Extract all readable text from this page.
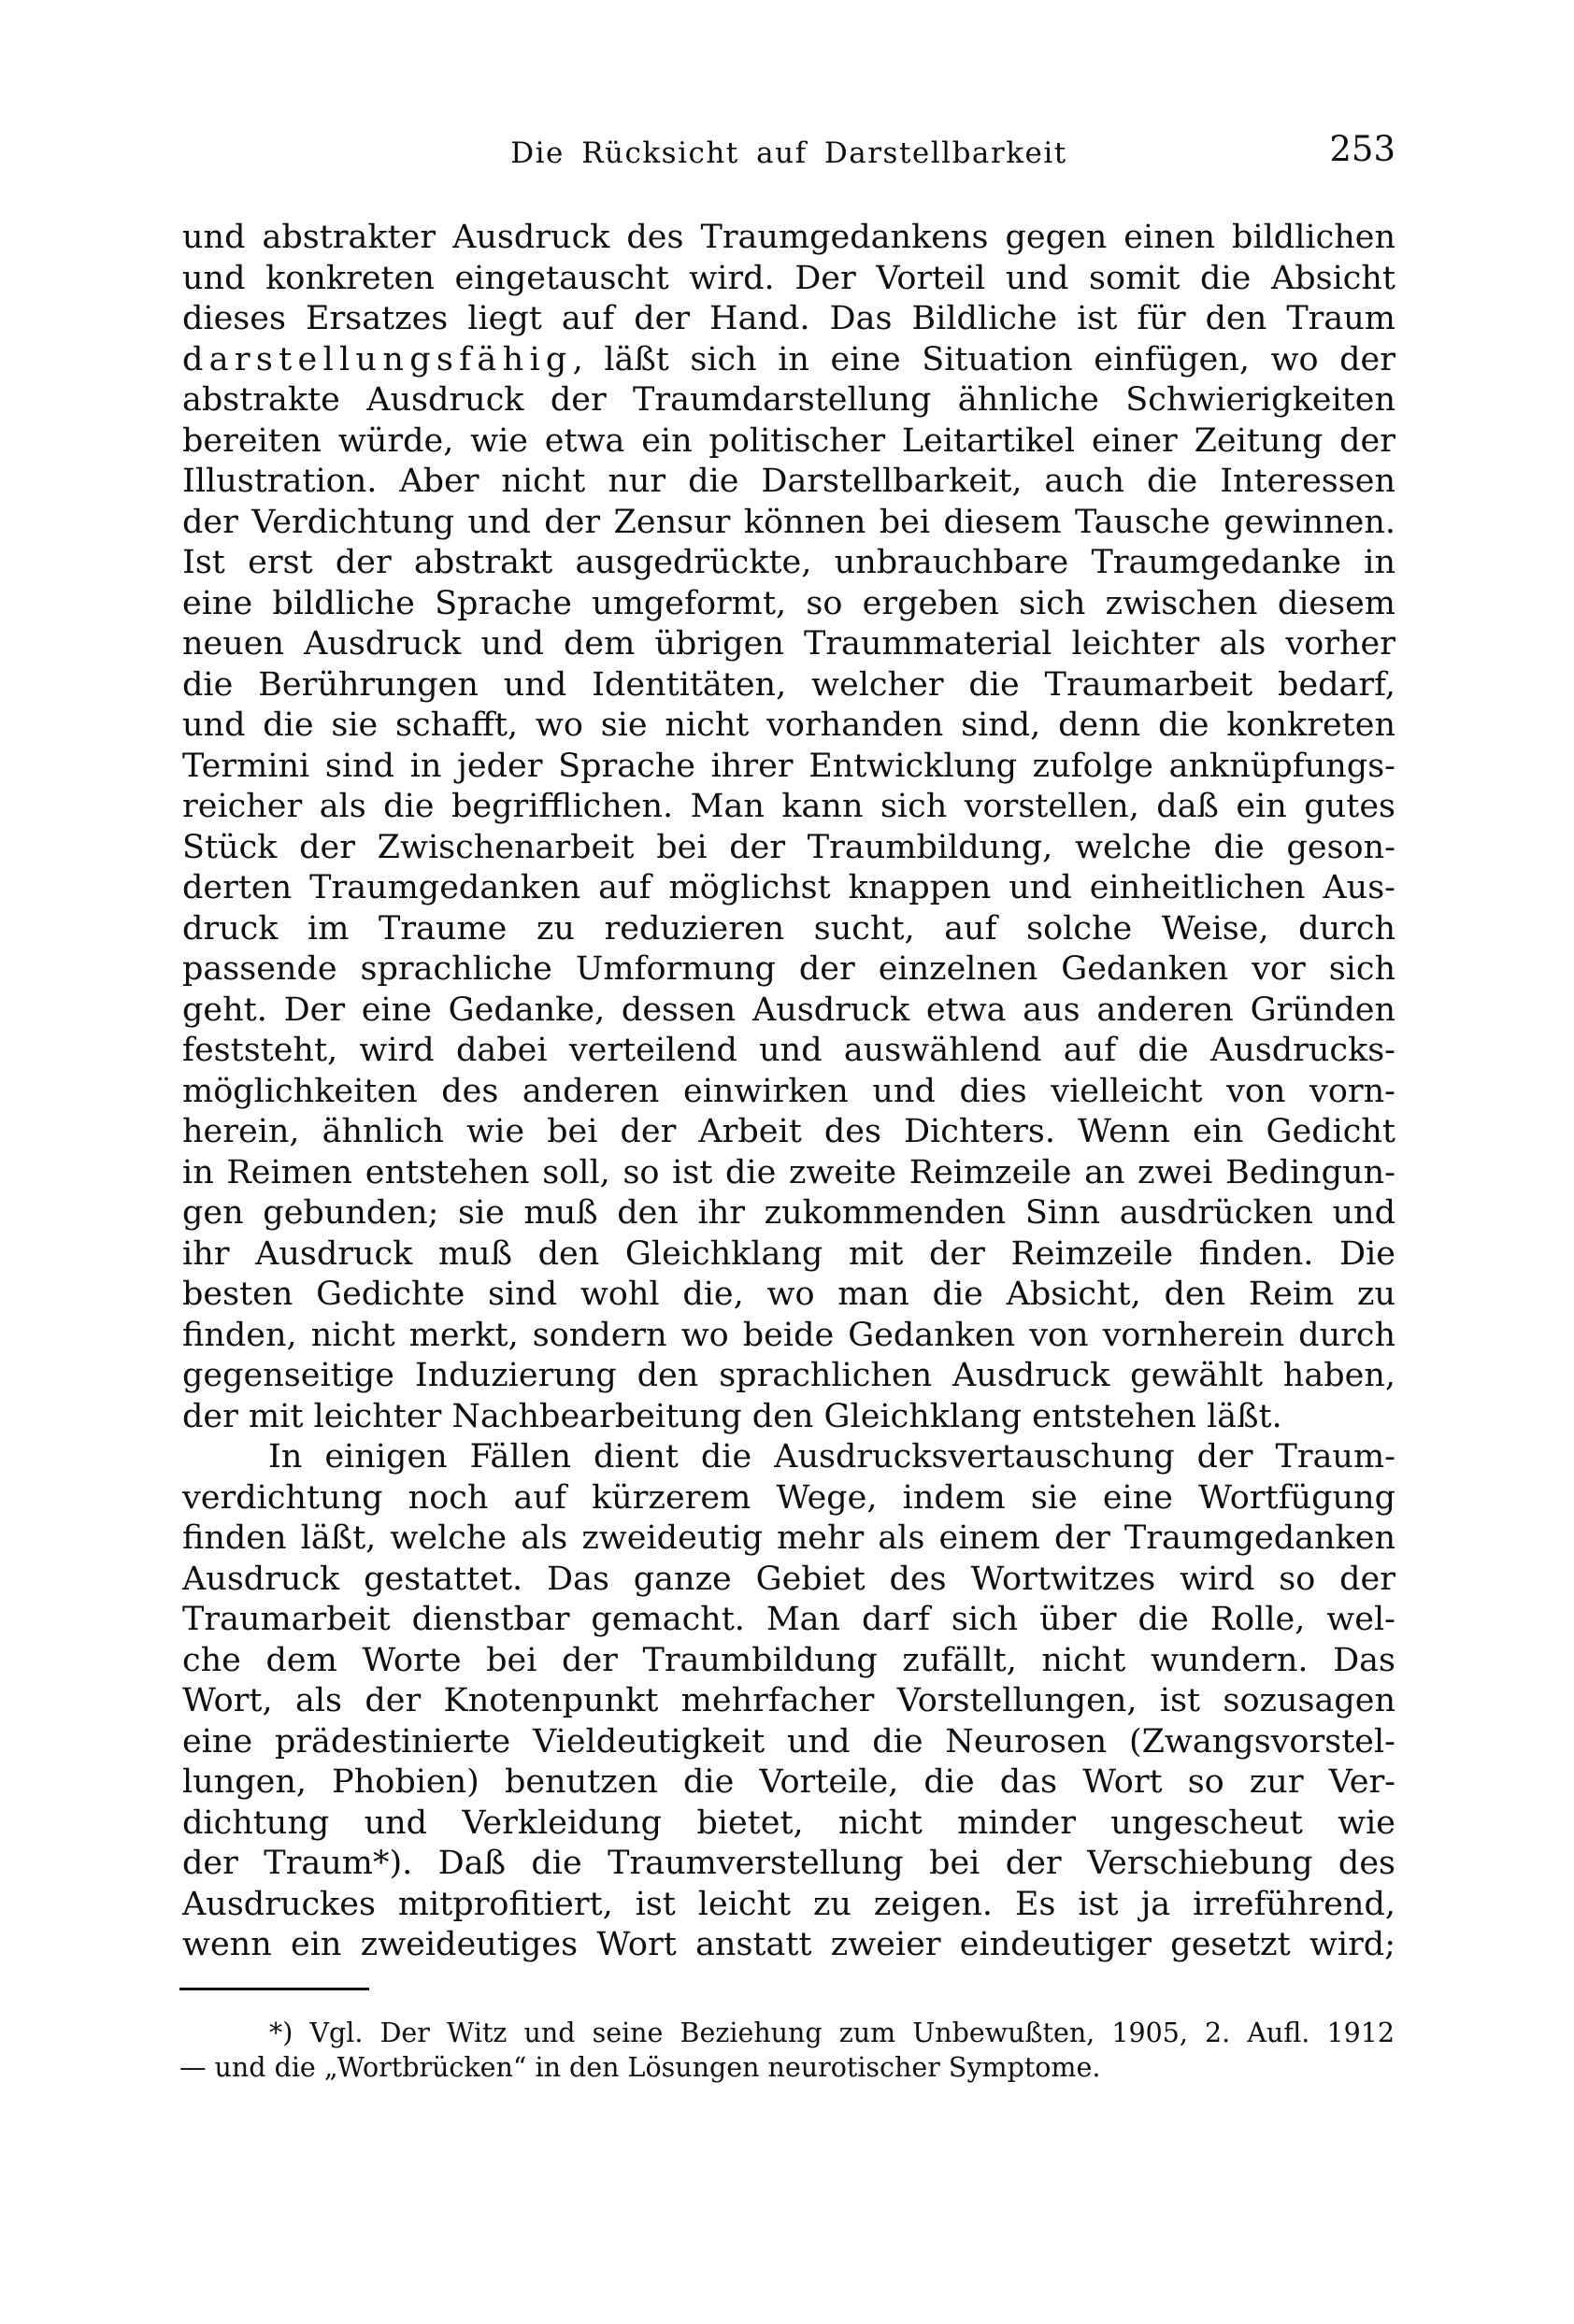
Die Rücksicht auf Darstellbarkeit	253
und abstrakter Ausdruck des Traumgedankens gegen einen bildlichen
und konkreten eingetauscht wird. Der Vorteil und somit die Absicht
dieses Ersatzes liegt auf der Hand. Das Bildliche ist für den Traum
darstellungsfähig, läßt sich in eine Situation einfügen, wo der
abstrakte Ausdruck der Traumdarstellung ähnliche Schwierigkeiten
bereiten würde, wie etwa ein politischer Leitartikel einer Zeitung der
Illustration. Aber nicht nur die Darstellbarkeit, auch die Interessen
der Verdichtung und der Zensur können bei diesem Tausche gewinnen.
Ist erst der abstrakt ausgedrückte, unbrauchbare Traumgedanke in
eine bildliche Sprache umgeformt, so ergeben sich zwischen diesem
neuen Ausdruck und dem übrigen Traummaterial leichter als vorher
die Berührungen und Identitäten, welcher die Traumarbeit bedarf,
und die sie schafft, wo sie nicht vorhanden sind, denn die konkreten
Termini sind in jeder Sprache ihrer Entwicklung zufolge anknüpfungs-
reicher als die begrifflichen. Man kann sich vorstellen, daß ein gutes
Stück der Zwischenarbeit bei der Traumbildung, welche die geson-
derten Traumgedanken auf möglichst knappen und einheitlichen Aus-
druck im Traume zu reduzieren sucht, auf solche Weise, durch
passende sprachliche Umformung der einzelnen Gedanken vor sich
geht. Der eine Gedanke, dessen Ausdruck etwa aus anderen Gründen
feststeht, wird dabei verteilend und auswählend auf die Ausdrucks-
möglichkeiten des anderen einwirken und dies vielleicht von vorn-
herein, ähnlich wie bei der Arbeit des Dichters. Wenn ein Gedicht
in Reimen entstehen soll, so ist die zweite Reimzeile an zwei Bedingun-
gen gebunden; sie muß den ihr zukommenden Sinn ausdrücken und
ihr Ausdruck muß den Gleichklang mit der Reimzeile finden. Die
besten Gedichte sind wohl die, wo man die Absicht, den Reim zu
finden, nicht merkt, sondern wo beide Gedanken von vornherein durch
gegenseitige Induzierung den sprachlichen Ausdruck gewählt haben,
der mit leichter Nachbearbeitung den Gleichklang entstehen läßt.
In einigen Fällen dient die Ausdrucksvertauschung der Traum-
verdichtung noch auf kürzerem Wege, indem sie eine Wortfügung
finden läßt, welche als zweideutig mehr als einem der Traumgedanken
Ausdruck gestattet. Das ganze Gebiet des Wortwitzes wird so der
Traumarbeit dienstbar gemacht. Man darf sich über die Rolle, wel-
che dem Worte bei der Traumbildung zufällt, nicht wundern. Das
Wort, als der Knotenpunkt mehrfacher Vorstellungen, ist sozusagen
eine prädestinierte Vieldeutigkeit und die Neurosen (Zwangsvorstel-
lungen, Phobien) benutzen die Vorteile, die das Wort so zur Ver-
dichtung und Verkleidung bietet, nicht minder ungescheut wie
der Traum*). Daß die Traumverstellung bei der Verschiebung des
Ausdruckes mitprofitiert, ist leicht zu zeigen. Es ist ja irreführend,
wenn ein zweideutiges Wort anstatt zweier eindeutiger gesetzt wird;
*) Vgl. Der Witz und seine Beziehung zum Unbewußten, 1905, 2. Aufl. 1912
— und die „Wortbrücken“ in den Lösungen neurotischer Symptome.
